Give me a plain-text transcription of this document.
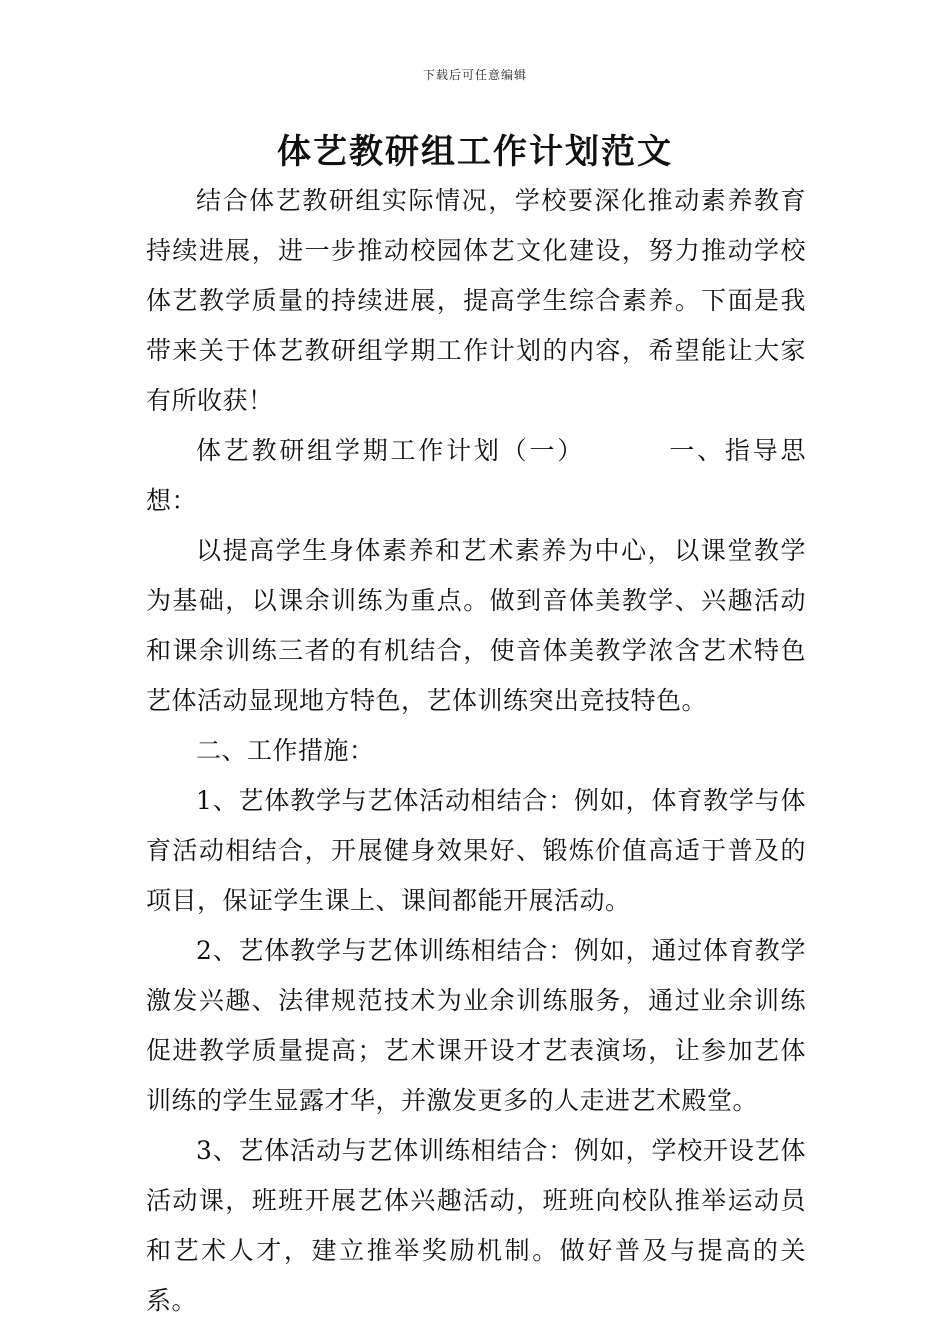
下载后可任意编辑
体艺教研组工作计划范文

结合体艺教研组实际情况，学校要深化推动素养教育持续进展，进一步推动校园体艺文化建设，努力推动学校体艺教学质量的持续进展，提高学生综合素养。下面是我带来关于体艺教研组学期工作计划的内容，希望能让大家有所收获！

体艺教研组学期工作计划（一）	一、指导思想：

以提高学生身体素养和艺术素养为中心，以课堂教学为基础，以课余训练为重点。做到音体美教学、兴趣活动和课余训练三者的有机结合，使音体美教学浓含艺术特色艺体活动显现地方特色，艺体训练突出竞技特色。

二、工作措施：

1、艺体教学与艺体活动相结合：例如，体育教学与体育活动相结合，开展健身效果好、锻炼价值高适于普及的项目，保证学生课上、课间都能开展活动。

2、艺体教学与艺体训练相结合：例如，通过体育教学激发兴趣、法律规范技术为业余训练服务，通过业余训练促进教学质量提高；艺术课开设才艺表演场，让参加艺体训练的学生显露才华，并激发更多的人走进艺术殿堂。

3、艺体活动与艺体训练相结合：例如，学校开设艺体活动课，班班开展艺体兴趣活动，班班向校队推举运动员和艺术人才，建立推举奖励机制。做好普及与提高的关系。
